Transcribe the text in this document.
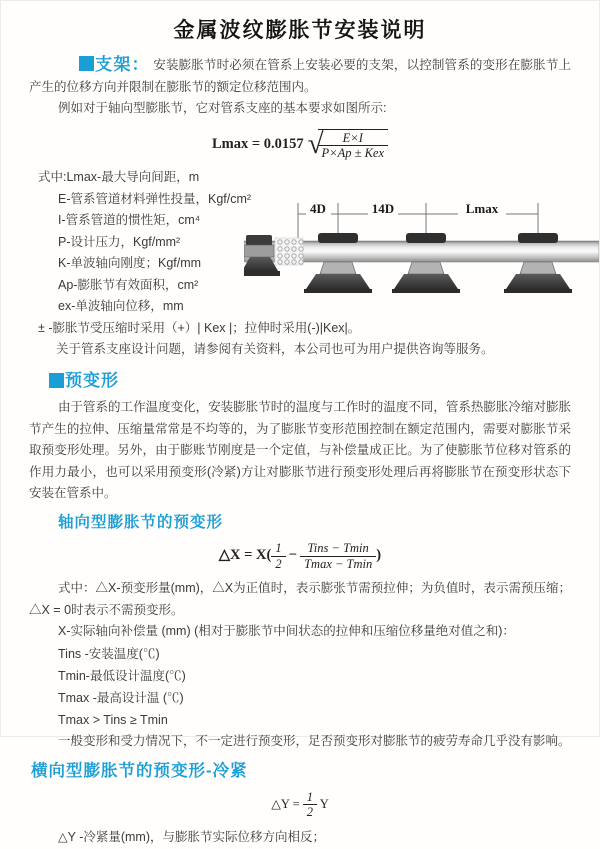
金属波纹膨胀节安装说明

支架： 安装膨胀节时必须在管系上安装必要的支架，以控制管系的变形在膨胀节上产生的位移方向并限制在膨胀节的额定位移范围内。

例如对于轴向型膨胀节，它对管系支座的基本要求如图所示:

Lmax = 0.0157 √
$\frac{E\times I}{\text{P×Ap ± Kex}}$
式中:Lmax-最大导向间距，m
E-管系管道材料弹性投量，Kgf/cm²
I-管系管道的惯性矩，cm⁴
P-设计压力，Kgf/mm²
K-单波轴向刚度；Kgf/mm
Ap-膨胀节有效面积，cm²
ex-单波轴向位移，mm
4D	14D	Lmax
± -膨胀节受压缩时采用（+）| Kex |；拉伸时采用(-)|Kex|。
关于管系支座设计问题，请参阅有关资料，本公司也可为用户提供咨询等服务。
预变形

由于管系的工作温度变化，安装膨胀节时的温度与工作时的温度不同，管系热膨胀冷缩对膨胀节产生的拉伸、压缩量常常是不均等的，为了膨胀节变形范围控制在额定范围内，需要对膨胀节采取预变形处理。另外，由于膨账节刚度是一个定值，与补偿量成正比。为了使膨胀节位移对管系的作用力最小，也可以采用预变形(冷紧)方让对膨胀节进行预变形处理后再将膨胀节在预变形状态下安装在管系中。

轴向型膨胀节的预变形
△X = $X( \frac{1}{2} - \frac{\text{Tins − Tmin}}{Tmax - Tmin}$ )

式中：△X-预变形量(mm)，△X为正值时，表示膨张节需预拉伸；为负值时，表示需预压缩；△X = 0时表示不需预变形。

X-实际轴向补偿量 (mm) (相对于膨胀节中间状态的拉伸和压缩位移量绝对值之和)：
Tins -安装温度(℃)
Tmin-最低设计温度(℃)
Tmax -最高设计温 (℃)
Tmax > Tins ≥ Tmin

一般变形和受力情况下，不一定进行预变形，足否预变形对膨胀节的疲劳寿命几乎没有影响。

横向型膨胀节的预变形-冷紧
△Y = $\frac{1}{2}$ Y
△Y -冷紧量(mm)，与膨胀节实际位移方向相反；
